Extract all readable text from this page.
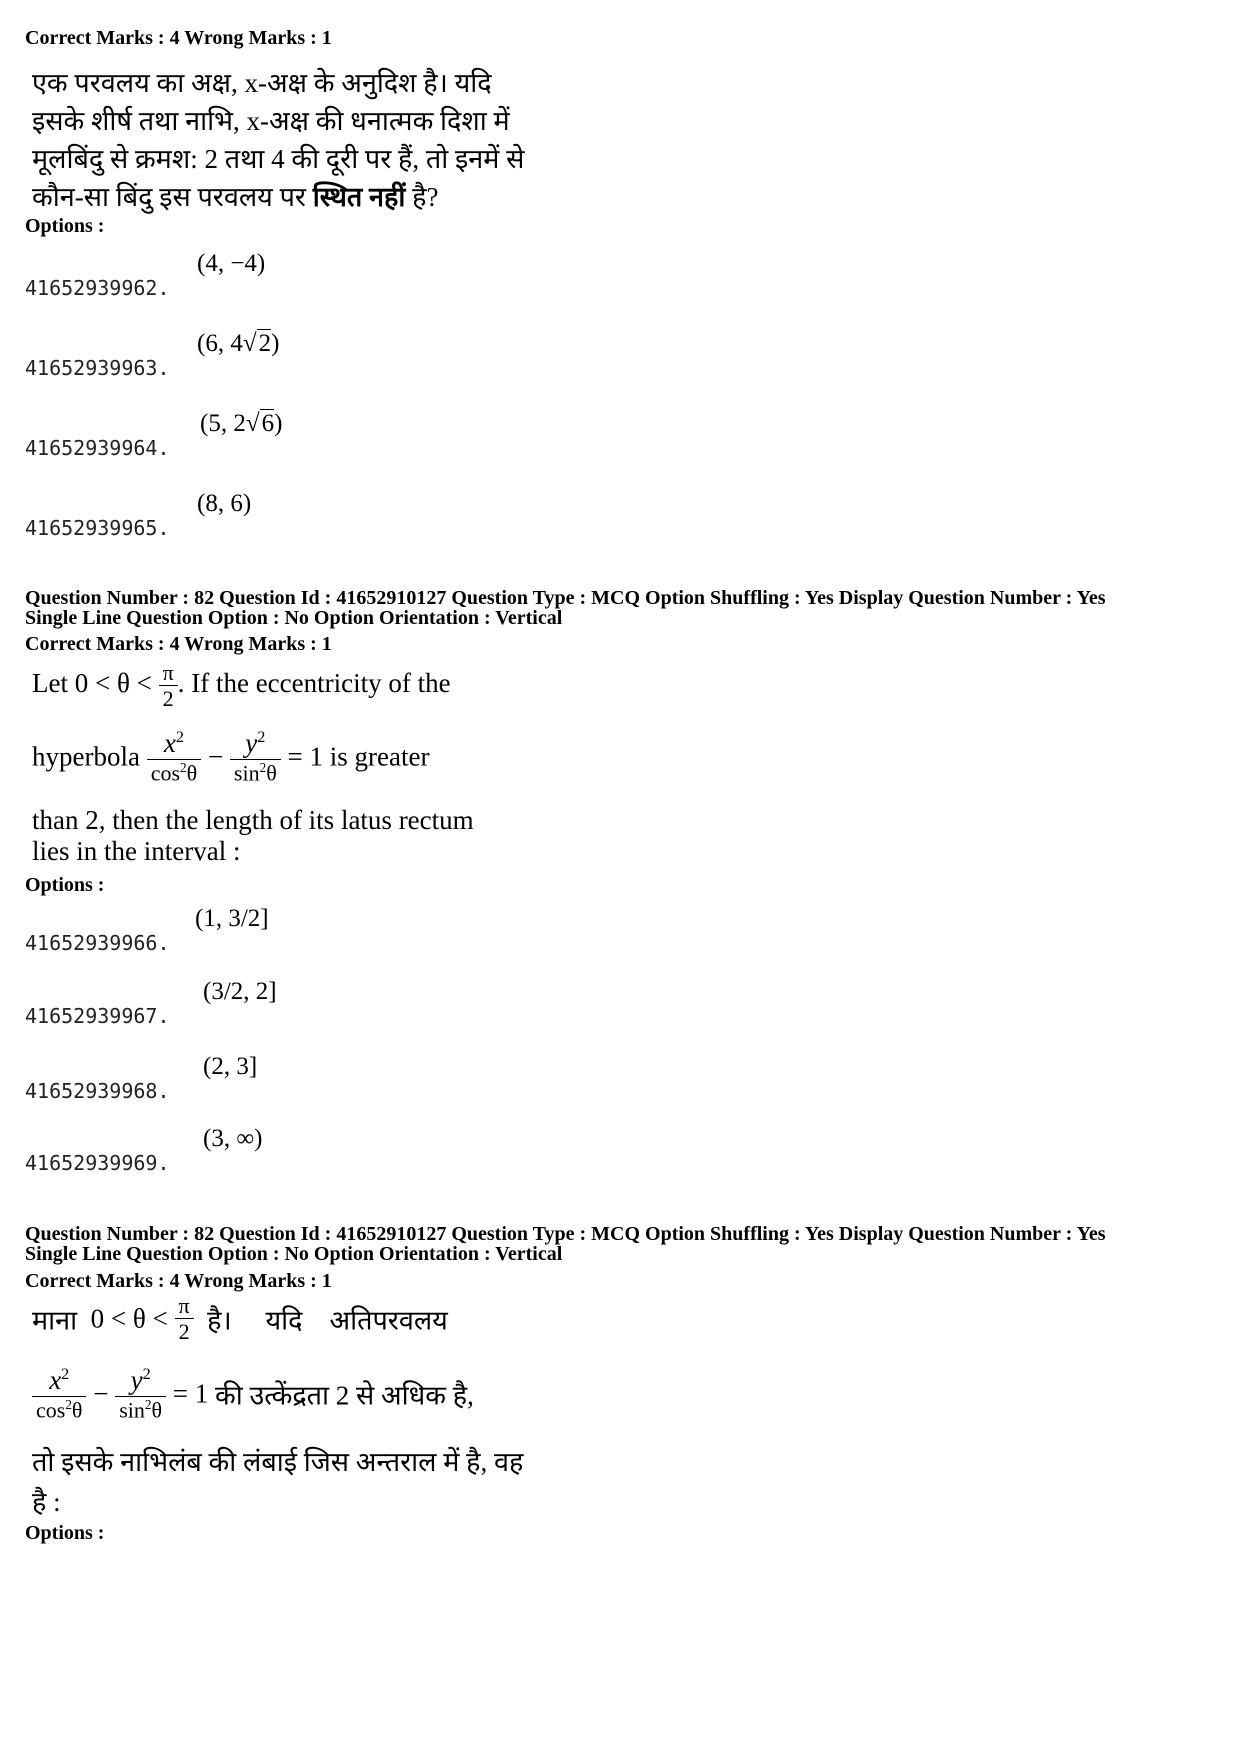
Correct Marks : 4 Wrong Marks : 1
एक परवलय का अक्ष, x-अक्ष के अनुदिश है। यदि
इसके शीर्ष तथा नाभि, x-अक्ष की धनात्मक दिशा में
मूलबिंदु से क्रमश: 2 तथा 4 की दूरी पर हैं, तो इनमें से
कौन-सा बिंदु इस परवलय पर स्थित नहीं है?
Options :
41652939962.
(4, −4)
41652939963.
(6, 4√2)
41652939964.
(5, 2√6)
41652939965.
(8, 6)
Question Number : 82 Question Id : 41652910127 Question Type : MCQ Option Shuffling : Yes Display Question Number : Yes
Single Line Question Option : No Option Orientation : Vertical
Correct Marks : 4 Wrong Marks : 1
Let $0 < \theta < \frac{\pi}{2}$ . If the eccentricity of the
hyperbola $\frac{x^2}{\cos^2\theta} - \frac{y^2}{\sin^2\theta} = 1$ is greater
than 2, then the length of its latus rectum
lies in the interval :
Options :
41652939966.
(1, 3/2]
41652939967.
(3/2, 2]
41652939968.
(2, 3]
41652939969.
(3, ∞)
Question Number : 82 Question Id : 41652910127 Question Type : MCQ Option Shuffling : Yes Display Question Number : Yes
Single Line Question Option : No Option Orientation : Vertical
Correct Marks : 4 Wrong Marks : 1
माना $0 < \theta < \frac{\pi}{2}$ है। यदि अतिपरवलय
$\frac{x^2}{\cos^2\theta} - \frac{y^2}{\sin^2\theta} = 1$ की उत्केंद्रता 2 से अधिक है,
तो इसके नाभिलंब की लंबाई जिस अन्तराल में है, वह
है :
Options :
